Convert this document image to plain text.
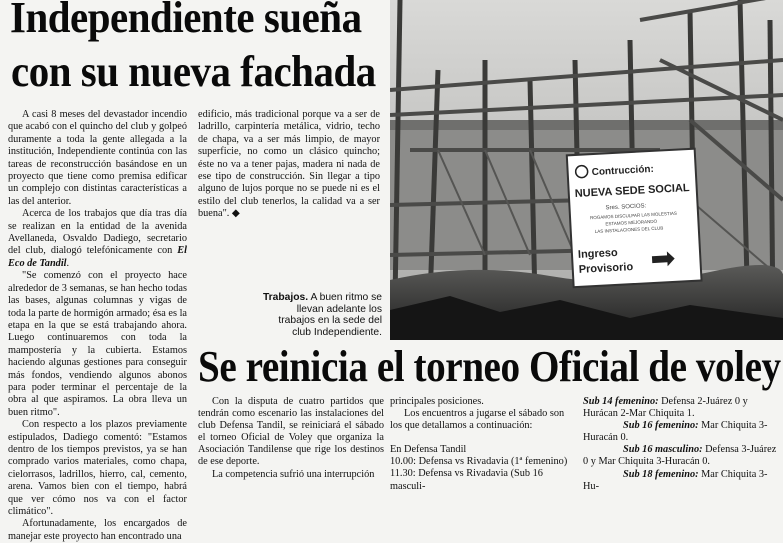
Independiente sueña
con su nueva fachada

A casi 8 meses del devastador incendio que acabó con el quincho del club y golpeó duramente a toda la gente allegada a la institución, Independiente continúa con las tareas de reconstrucción basándose en un proyecto que tiene como premisa edificar un complejo con distintas características a las del anterior.

Acerca de los trabajos que día tras día se realizan en la entidad de la avenida Avellaneda, Osvaldo Dadiego, secretario del club, dialogó telefónicamente con El Eco de Tandil.

"Se comenzó con el proyecto hace alrededor de 3 semanas, se han hecho todas las bases, algunas columnas y vigas de toda la parte de hormigón armado; ésa es la etapa en la que se está trabajando ahora. Luego continuaremos con toda la mampostería y la cubierta. Estamos haciendo algunas gestiones para conseguir más fondos, vendiendo algunos abonos para poder terminar el percentaje de la obra al que aspiramos. La obra lleva un buen ritmo".

Con respecto a los plazos previamente estipulados, Dadiego comentó: "Estamos dentro de los tiempos previstos, ya se han comprado varios materiales, como chapa, cielorrasos, ladrillos, hierro, cal, cemento, arena. Vamos bien con el tiempo, habrá que ver cómo nos va con el factor climático".

Afortunadamente, los encargados de manejar este proyecto han encontrado una

edificio, más tradicional porque va a ser de ladrillo, carpintería metálica, vidrio, techo de chapa, va a ser más limpio, de mayor superficie, no como un clásico quincho; éste no va a tener pajas, madera ni nada de ese tipo de construcción. Sin llegar a tipo alguno de lujos porque no se puede ni es el estilo del club tenerlos, la calidad va a ser buena". ◆

Trabajos. A buen ritmo se llevan adelante los trabajos en la sede del club Independiente.
Contrucción:
NUEVA SEDE SOCIAL
Sres. SOCIOS:
ROGAMOS DISCULPAR LAS MOLESTIAS
ESTAMOS MEJORANDO
LAS INSTALACIONES DEL CLUB
Ingreso
Provisorio ➡
Se reinicia el torneo Oficial de voley

Con la disputa de cuatro partidos que tendrán como escenario las instalaciones del club Defensa Tandil, se reiniciará el sábado el torneo Oficial de Voley que organiza la Asociación Tandilense que rige los destinos de ese deporte.

La competencia sufrió una interrupción

principales posiciones.

Los encuentros a jugarse el sábado son los que detallamos a continuación:

En Defensa Tandil

10.00: Defensa vs Rivadavia (1ª femenino)

11.30: Defensa vs Rivadavia (Sub 16 masculi-

Sub 14 femenino: Defensa 2-Juárez 0 y

Hurácan 2-Mar Chiquita 1.

Sub 16 femenino: Mar Chiquita 3-Huracán 0.

Sub 16 masculino: Defensa 3-Juárez 0 y Mar Chiquita 3-Huracán 0.

Sub 18 femenino: Mar Chiquita 3-Hu-
